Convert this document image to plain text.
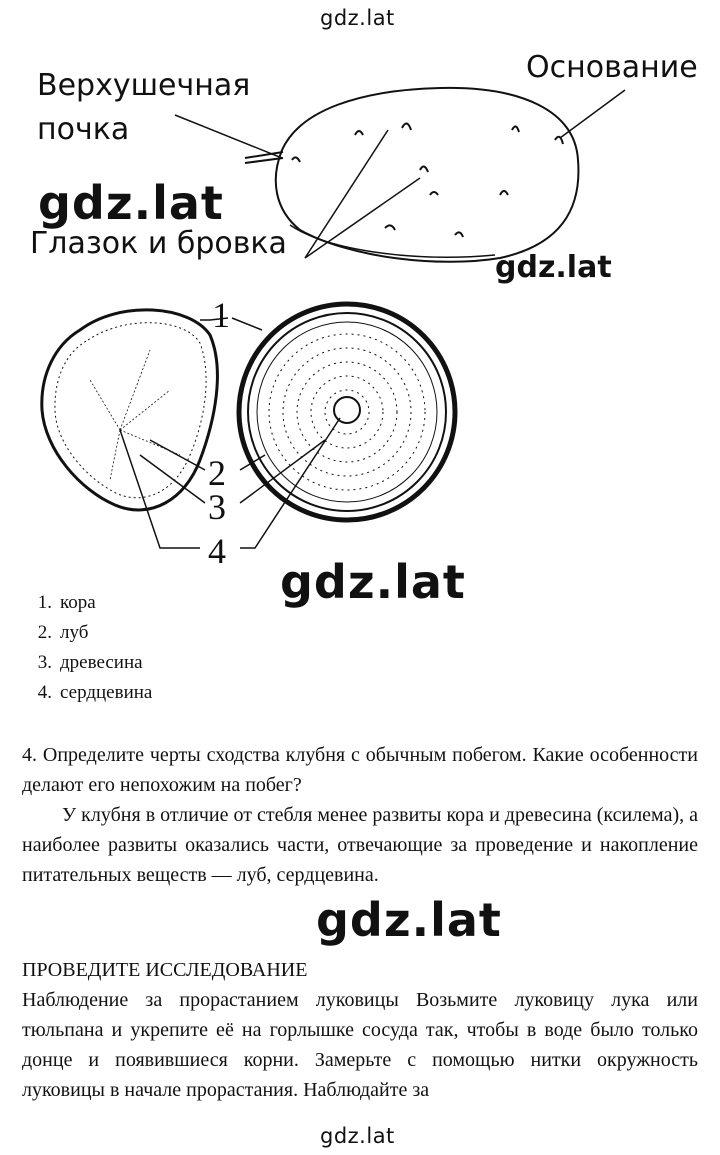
gdz.lat
gdz.lat
gdz.lat
gdz.lat
gdz.lat
gdz.lat
Верхушечная
почка
Основание
Глазок и бровка
1
2
3
4
1. кора
2. луб
3. древесина
4. сердцевина

4. Определите черты сходства клубня с обычным побегом. Какие особенности делают его непохожим на побег?

У клубня в отличие от стебля менее развиты кора и древесина (ксилема), а наиболее развиты оказались части, отвечающие за проведение и накопление питательных веществ — луб, сердцевина.

ПРОВЕДИТЕ ИССЛЕДОВАНИЕ

Наблюдение за прорастанием луковицы Возьмите луковицу лука или тюльпана и укрепите её на горлышке сосуда так, чтобы в воде было только донце и появившиеся корни. Замерьте с помощью нитки окружность луковицы в начале прорастания. Наблюдайте за
